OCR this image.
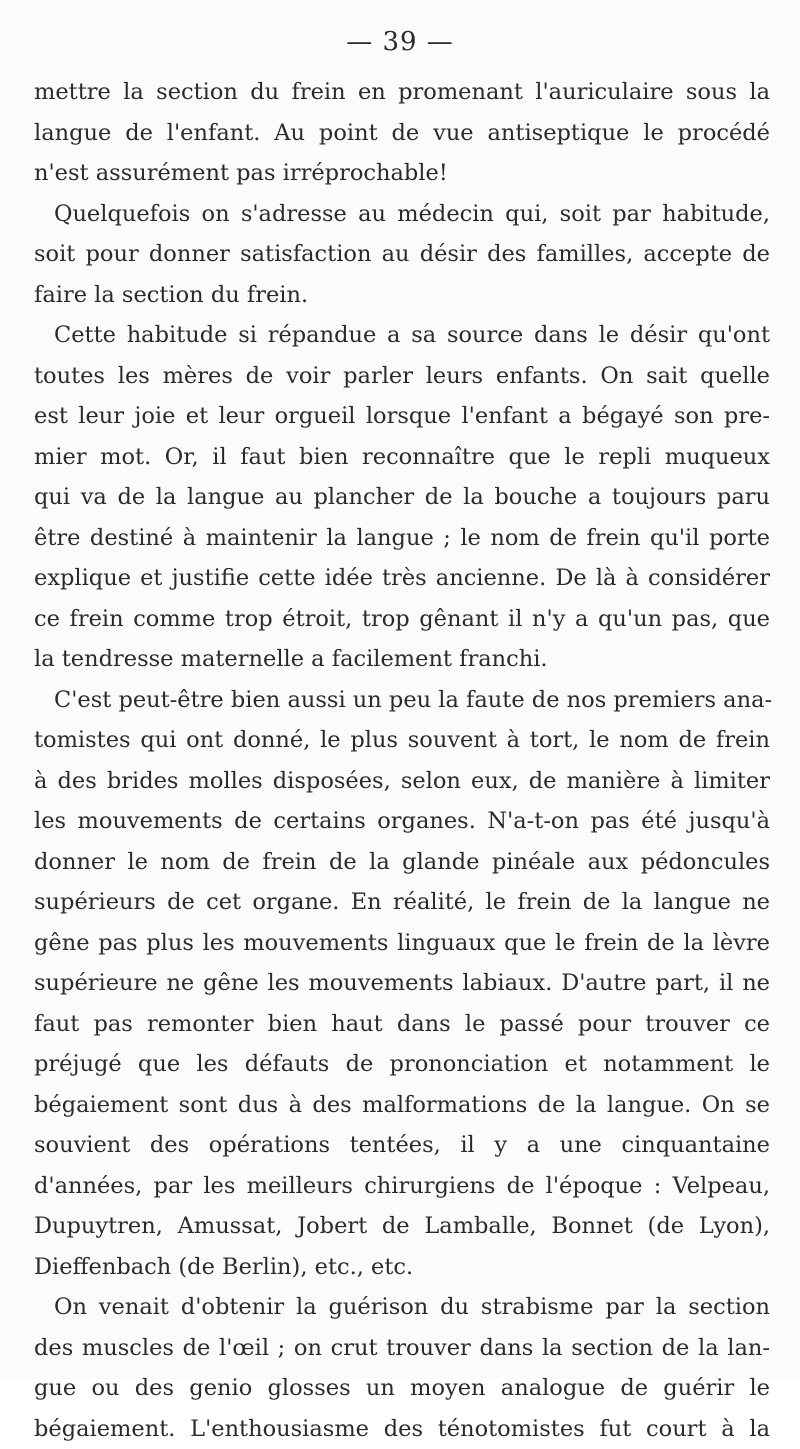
— 39 —
mettre la section du frein en promenant l'auriculaire sous la
langue de l'enfant. Au point de vue antiseptique le procédé
n'est assurément pas irréprochable!
Quelquefois on s'adresse au médecin qui, soit par habitude,
soit pour donner satisfaction au désir des familles, accepte de
faire la section du frein.
Cette habitude si répandue a sa source dans le désir qu'ont
toutes les mères de voir parler leurs enfants. On sait quelle
est leur joie et leur orgueil lorsque l'enfant a bégayé son pre-
mier mot. Or, il faut bien reconnaître que le repli muqueux
qui va de la langue au plancher de la bouche a toujours paru
être destiné à maintenir la langue ; le nom de frein qu'il porte
explique et justifie cette idée très ancienne. De là à considérer
ce frein comme trop étroit, trop gênant il n'y a qu'un pas, que
la tendresse maternelle a facilement franchi.
C'est peut-être bien aussi un peu la faute de nos premiers ana-
tomistes qui ont donné, le plus souvent à tort, le nom de frein
à des brides molles disposées, selon eux, de manière à limiter
les mouvements de certains organes. N'a-t-on pas été jusqu'à
donner le nom de frein de la glande pinéale aux pédoncules
supérieurs de cet organe. En réalité, le frein de la langue ne
gêne pas plus les mouvements linguaux que le frein de la lèvre
supérieure ne gêne les mouvements labiaux. D'autre part, il ne
faut pas remonter bien haut dans le passé pour trouver ce
préjugé que les défauts de prononciation et notamment le
bégaiement sont dus à des malformations de la langue. On se
souvient des opérations tentées, il y a une cinquantaine
d'années, par les meilleurs chirurgiens de l'époque : Velpeau,
Dupuytren, Amussat, Jobert de Lamballe, Bonnet (de Lyon),
Dieffenbach (de Berlin), etc., etc.
On venait d'obtenir la guérison du strabisme par la section
des muscles de l'œil ; on crut trouver dans la section de la lan-
gue ou des genio glosses un moyen analogue de guérir le
bégaiement. L'enthousiasme des ténotomistes fut court à la
